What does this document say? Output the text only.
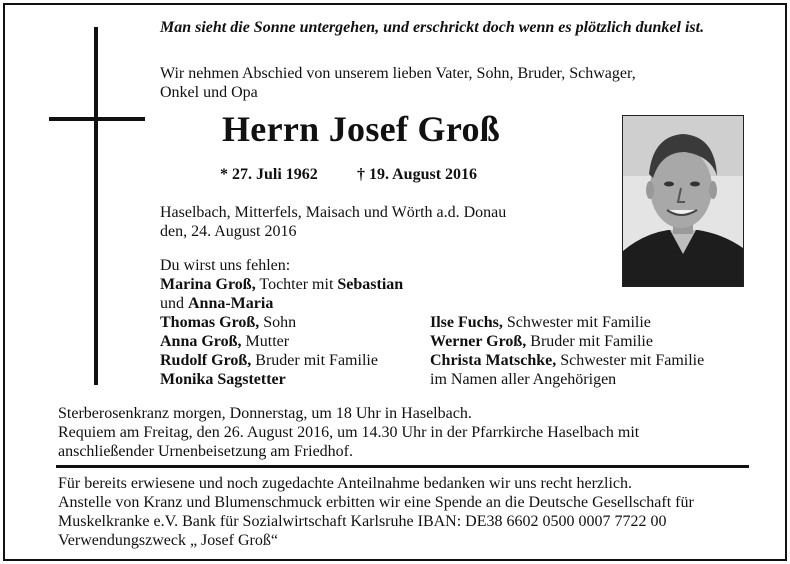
Man sieht die Sonne untergehen, und erschrickt doch wenn es plötzlich dunkel ist.
Wir nehmen Abschied von unserem lieben Vater, Sohn, Bruder, Schwager,
Onkel und Opa
Herrn Josef Groß
* 27. Juli 1962 † 19. August 2016
Haselbach, Mitterfels, Maisach und Wörth a.d. Donau
den, 24. August 2016
Du wirst uns fehlen:
Marina Groß, Tochter mit Sebastian
und Anna-Maria
Thomas Groß, Sohn
Anna Groß, Mutter
Rudolf Groß, Bruder mit Familie
Monika Sagstetter
Ilse Fuchs, Schwester mit Familie
Werner Groß, Bruder mit Familie
Christa Matschke, Schwester mit Familie
im Namen aller Angehörigen
Sterberosenkranz morgen, Donnerstag, um 18 Uhr in Haselbach.
Requiem am Freitag, den 26. August 2016, um 14.30 Uhr in der Pfarrkirche Haselbach mit
anschließender Urnenbeisetzung am Friedhof.
Für bereits erwiesene und noch zugedachte Anteilnahme bedanken wir uns recht herzlich.
Anstelle von Kranz und Blumenschmuck erbitten wir eine Spende an die Deutsche Gesellschaft für
Muskelkranke e.V. Bank für Sozialwirtschaft Karlsruhe IBAN: DE38 6602 0500 0007 7722 00
Verwendungszweck „ Josef Groß“
